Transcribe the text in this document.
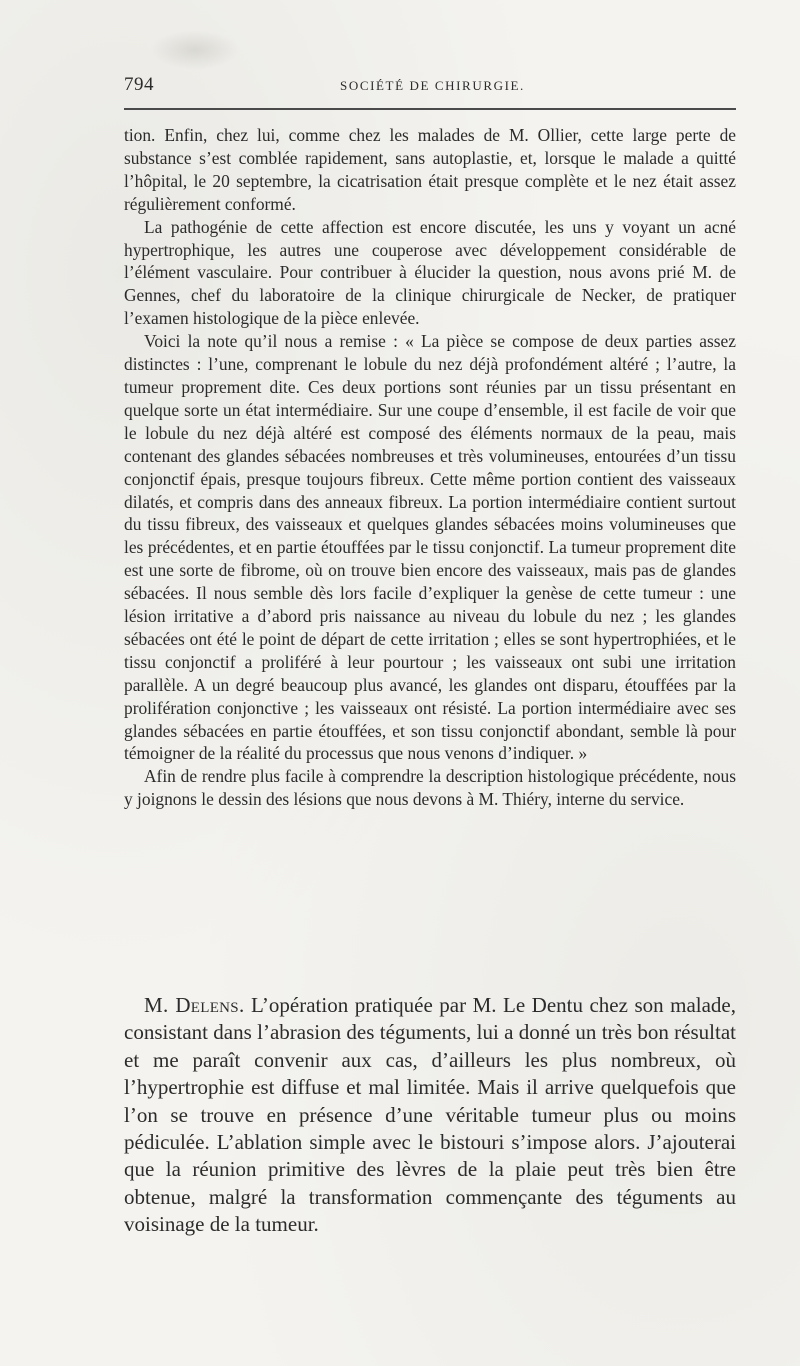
794	SOCIÉTÉ DE CHIRURGIE.

tion. Enfin, chez lui, comme chez les malades de M. Ollier, cette large perte de substance s’est comblée rapidement, sans autoplastie, et, lorsque le malade a quitté l’hôpital, le 20 septembre, la cicatrisation était presque complète et le nez était assez régulièrement conformé.

La pathogénie de cette affection est encore discutée, les uns y voyant un acné hypertrophique, les autres une couperose avec développement considérable de l’élément vasculaire. Pour contribuer à élucider la question, nous avons prié M. de Gennes, chef du laboratoire de la clinique chirurgicale de Necker, de pratiquer l’examen histologique de la pièce enlevée.

Voici la note qu’il nous a remise : « La pièce se compose de deux parties assez distinctes : l’une, comprenant le lobule du nez déjà profondément altéré ; l’autre, la tumeur proprement dite. Ces deux portions sont réunies par un tissu présentant en quelque sorte un état intermédiaire. Sur une coupe d’ensemble, il est facile de voir que le lobule du nez déjà altéré est composé des éléments normaux de la peau, mais contenant des glandes sébacées nombreuses et très volumineuses, entourées d’un tissu conjonctif épais, presque toujours fibreux. Cette même portion contient des vaisseaux dilatés, et compris dans des anneaux fibreux. La portion intermédiaire contient surtout du tissu fibreux, des vaisseaux et quelques glandes sébacées moins volumineuses que les précédentes, et en partie étouffées par le tissu conjonctif. La tumeur proprement dite est une sorte de fibrome, où on trouve bien encore des vaisseaux, mais pas de glandes sébacées. Il nous semble dès lors facile d’expliquer la genèse de cette tumeur : une lésion irritative a d’abord pris naissance au niveau du lobule du nez ; les glandes sébacées ont été le point de départ de cette irritation ; elles se sont hypertrophiées, et le tissu conjonctif a proliféré à leur pourtour ; les vaisseaux ont subi une irritation parallèle. A un degré beaucoup plus avancé, les glandes ont disparu, étouffées par la prolifération conjonctive ; les vaisseaux ont résisté. La portion intermédiaire avec ses glandes sébacées en partie étouffées, et son tissu conjonctif abondant, semble là pour témoigner de la réalité du processus que nous venons d’indiquer. »

Afin de rendre plus facile à comprendre la description histologique précédente, nous y joignons le dessin des lésions que nous devons à M. Thiéry, interne du service.

M. Delens. L’opération pratiquée par M. Le Dentu chez son malade, consistant dans l’abrasion des téguments, lui a donné un très bon résultat et me paraît convenir aux cas, d’ailleurs les plus nombreux, où l’hypertrophie est diffuse et mal limitée. Mais il arrive quelquefois que l’on se trouve en présence d’une véritable tumeur plus ou moins pédiculée. L’ablation simple avec le bistouri s’impose alors. J’ajouterai que la réunion primitive des lèvres de la plaie peut très bien être obtenue, malgré la transformation commençante des téguments au voisinage de la tumeur.
